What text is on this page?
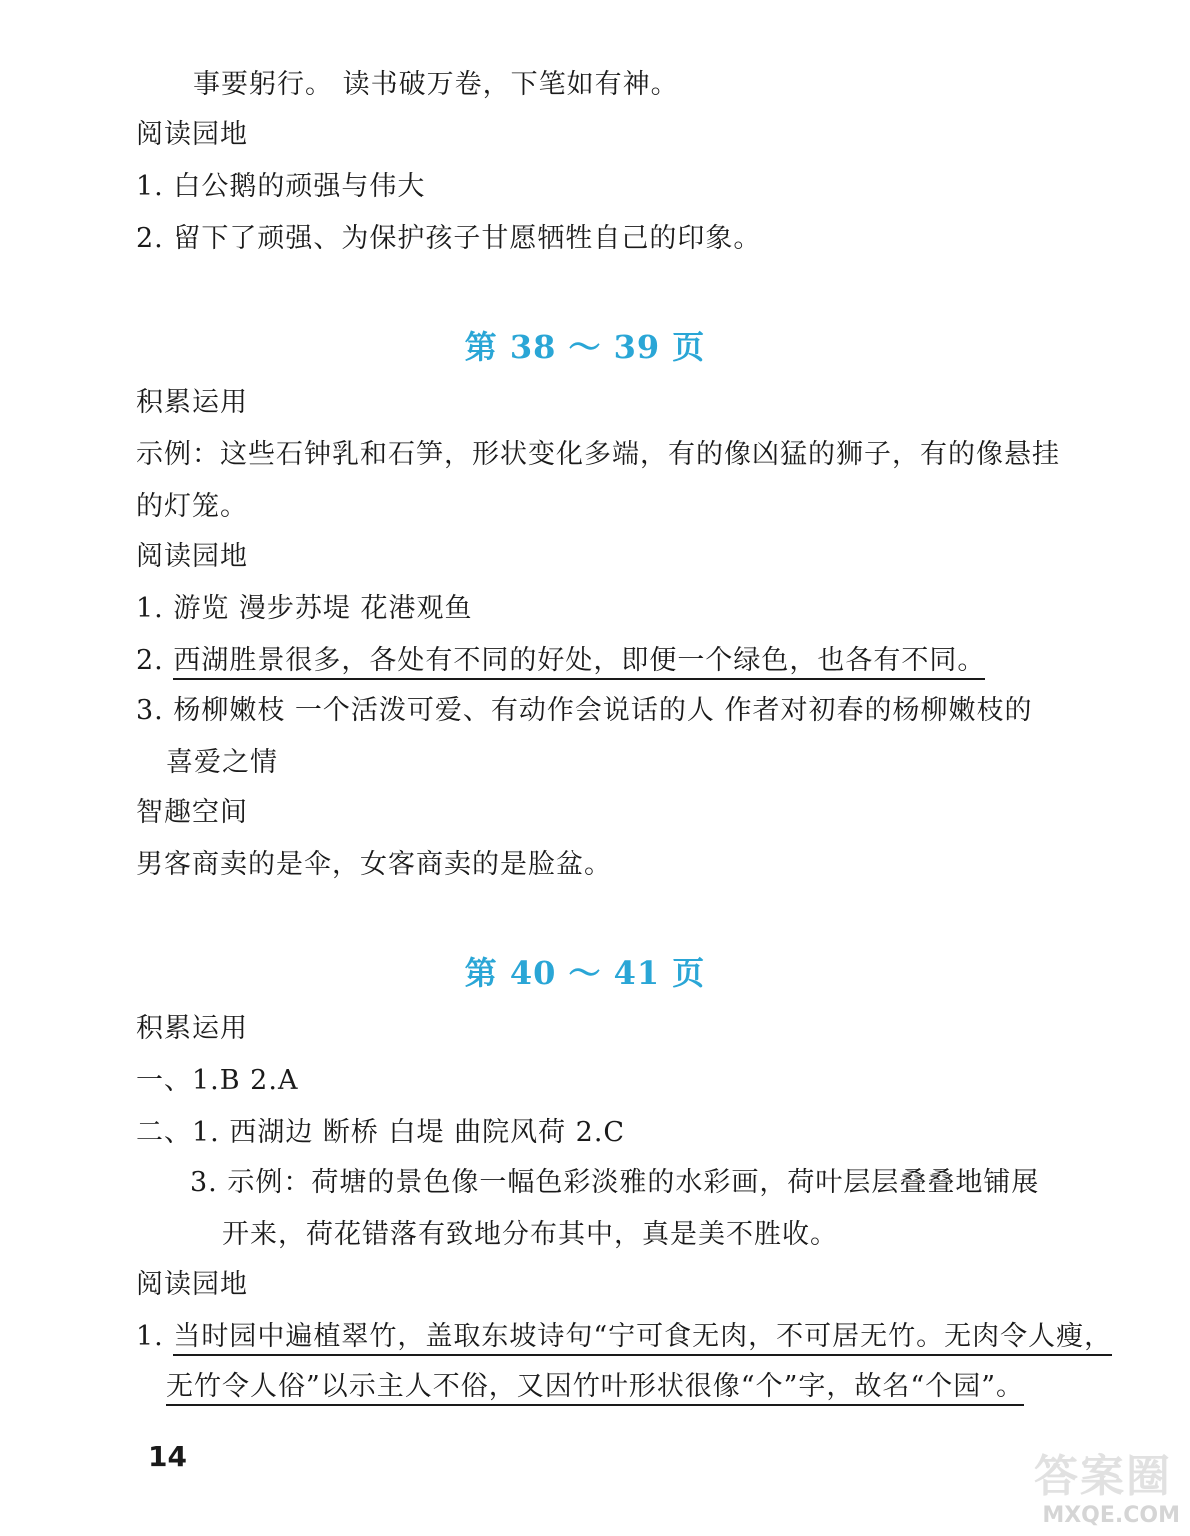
事要躬行。 读书破万卷，下笔如有神。
阅读园地
1. 白公鹅的顽强与伟大
2. 留下了顽强、为保护孩子甘愿牺牲自己的印象。
第 38 ～ 39 页
积累运用
示例：这些石钟乳和石笋，形状变化多端，有的像凶猛的狮子，有的像悬挂
的灯笼。
阅读园地
1. 游览 漫步苏堤 花港观鱼
2. 西湖胜景很多，各处有不同的好处，即便一个绿色，也各有不同。
3. 杨柳嫩枝 一个活泼可爱、有动作会说话的人 作者对初春的杨柳嫩枝的
喜爱之情
智趣空间
男客商卖的是伞，女客商卖的是脸盆。
第 40 ～ 41 页
积累运用
一、1.B 2.A
二、1. 西湖边 断桥 白堤 曲院风荷 2.C
3. 示例：荷塘的景色像一幅色彩淡雅的水彩画，荷叶层层叠叠地铺展
开来，荷花错落有致地分布其中，真是美不胜收。
阅读园地
1. 当时园中遍植翠竹，盖取东坡诗句“宁可食无肉，不可居无竹。无肉令人瘦，
无竹令人俗”以示主人不俗，又因竹叶形状很像“个”字，故名“个园”。
14	答案圈
MXQE.COM
